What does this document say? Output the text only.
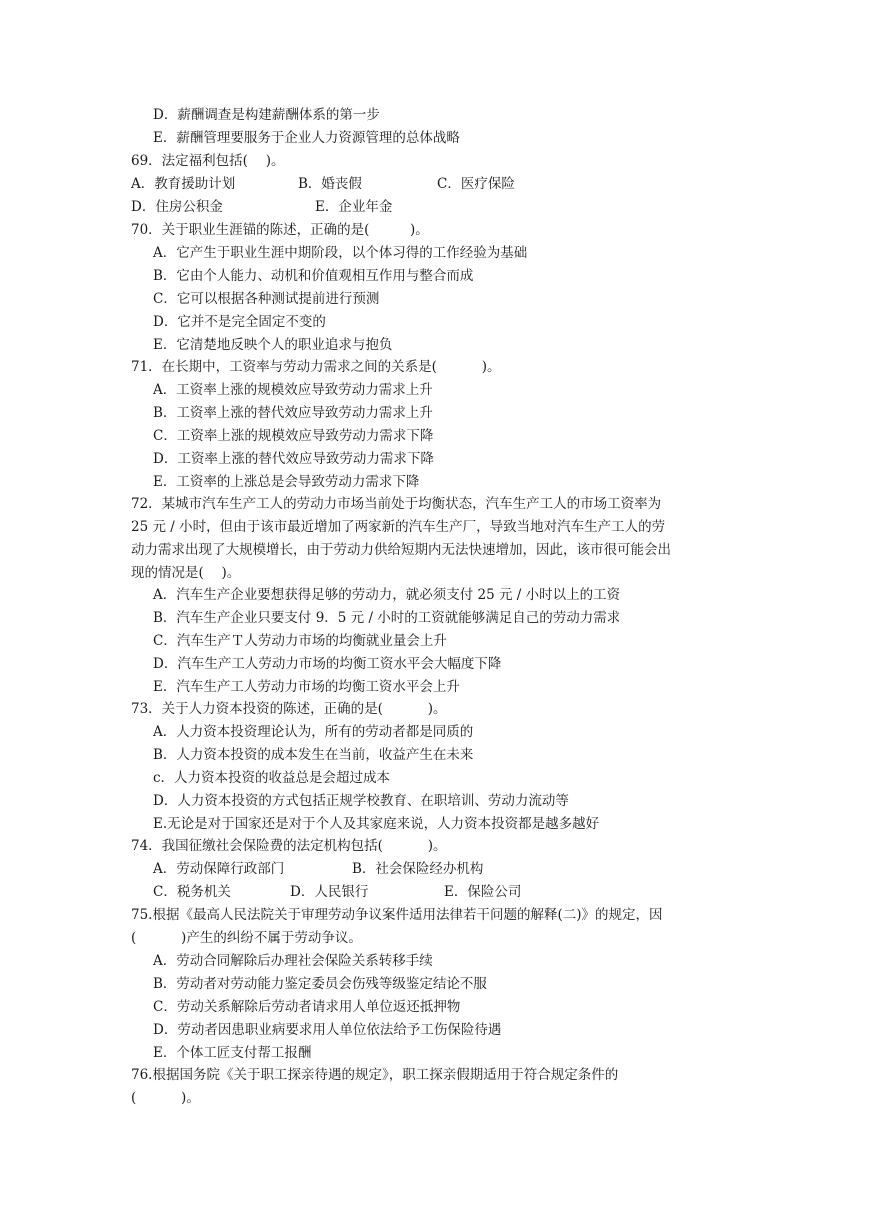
D．薪酬调查是构建薪酬体系的第一步
E．薪酬管理要服务于企业人力资源管理的总体战略
69．法定福利包括(　 )。
A．教育援助计划	B．婚丧假	C．医疗保险
D．住房公积金	E．企业年金
70．关于职业生涯锚的陈述，正确的是(　　　)。
A．它产生于职业生涯中期阶段，以个体习得的工作经验为基础
B．它由个人能力、动机和价值观相互作用与整合而成
C．它可以根据各种测试提前进行预测
D．它并不是完全固定不变的
E．它清楚地反映个人的职业追求与抱负
71．在长期中，工资率与劳动力需求之间的关系是(　　　 )。
A．工资率上涨的规模效应导致劳动力需求上升
B．工资率上涨的替代效应导致劳动力需求上升
C．工资率上涨的规模效应导致劳动力需求下降
D．工资率上涨的替代效应导致劳动力需求下降
E．工资率的上涨总是会导致劳动力需求下降
72．某城市汽车生产工人的劳动力市场当前处于均衡状态，汽车生产工人的市场工资率为
25 元 / 小时，但由于该市最近增加了两家新的汽车生产厂，导致当地对汽车生产工人的劳
动力需求出现了大规模增长，由于劳动力供给短期内无法快速增加，因此，该市很可能会出
现的情况是(　 )。
A．汽车生产企业要想获得足够的劳动力，就必须支付 25 元 / 小时以上的工资
B．汽车生产企业只要支付 9．5 元 / 小时的工资就能够满足自己的劳动力需求
C．汽车生产Ｔ人劳动力市场的均衡就业量会上升
D．汽车生产工人劳动力市场的均衡工资水平会大幅度下降
E．汽车生产工人劳动力市场的均衡工资水平会上升
73．关于人力资本投资的陈述，正确的是(　　　 )。
A．人力资本投资理论认为，所有的劳动者都是同质的
B．人力资本投资的成本发生在当前，收益产生在未来
c．人力资本投资的收益总是会超过成本
D．人力资本投资的方式包括正规学校教育、在职培训、劳动力流动等
E.无论是对于国家还是对于个人及其家庭来说，人力资本投资都是越多越好
74．我国征缴社会保险费的法定机构包括(　　　 )。
A．劳动保障行政部门	B．社会保险经办机构
C．税务机关	D．人民银行	E．保险公司
75.根据《最高人民法院关于审理劳动争议案件适用法律若干问题的解释(二)》的规定，因
(　　　 )产生的纠纷不属于劳动争议。
A．劳动合同解除后办理社会保险关系转移手续
B．劳动者对劳动能力鉴定委员会伤残等级鉴定结论不服
C．劳动关系解除后劳动者请求用人单位返还抵押物
D．劳动者因患职业病要求用人单位依法给予工伤保险待遇
E．个体工匠支付帮工报酬
76.根据国务院《关于职工探亲待遇的规定》，职工探亲假期适用于符合规定条件的
(　　　 )。
